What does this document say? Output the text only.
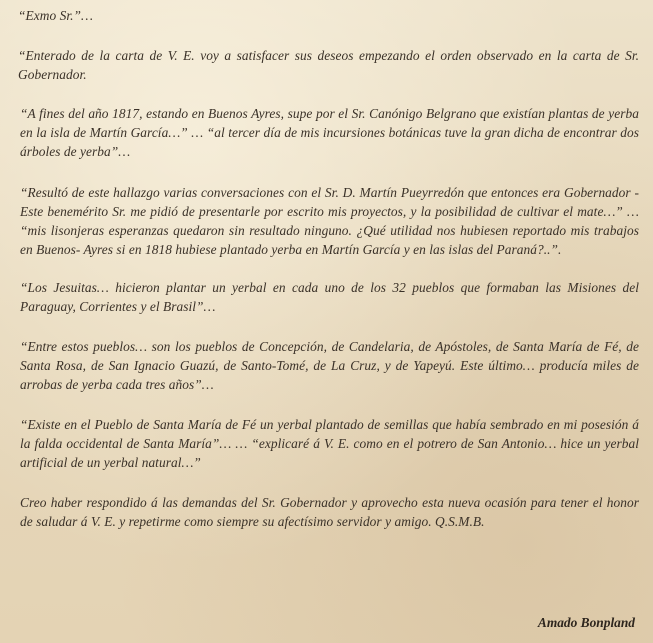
“Exmo Sr.”…

“Enterado de la carta de V. E. voy a satisfacer sus deseos empezando el orden observado en la carta de Sr. Gobernador.

“A fines del año 1817, estando en Buenos Ayres, supe por el Sr. Canónigo Belgrano que existían plantas de yerba en la isla de Martín García…” … “al tercer día de mis incursiones botánicas tuve la gran dicha de encontrar dos árboles de yerba”…

“Resultó de este hallazgo varias conversaciones con el Sr. D. Martín Pueyrredón que entonces era Gobernador - Este benemérito Sr. me pidió de presentarle por escrito mis proyectos, y la posibilidad de cultivar el mate…” … “mis lisonjeras esperanzas quedaron sin resultado ninguno. ¿Qué utilidad nos hubiesen reportado mis trabajos en Buenos- Ayres si en 1818 hubiese plantado yerba en Martín García y en las islas del Paraná?..”.

“Los Jesuitas… hicieron plantar un yerbal en cada uno de los 32 pueblos que formaban las Misiones del Paraguay, Corrientes y el Brasil”…

“Entre estos pueblos… son los pueblos de Concepción, de Candelaria, de Apóstoles, de Santa María de Fé, de Santa Rosa, de San Ignacio Guazú, de Santo-Tomé, de La Cruz, y de Yapeyú. Este último… producía miles de arrobas de yerba cada tres años”…

“Existe en el Pueblo de Santa María de Fé un yerbal plantado de semillas que había sembrado en mi posesión á la falda occidental de Santa María”… … “explicaré á V. E. como en el potrero de San Antonio… hice un yerbal artificial de un yerbal natural…”

Creo haber respondido á las demandas del Sr. Gobernador y aprovecho esta nueva ocasión para tener el honor de saludar á V. E. y repetirme como siempre su afectísimo servidor y amigo. Q.S.M.B.

Amado Bonpland
